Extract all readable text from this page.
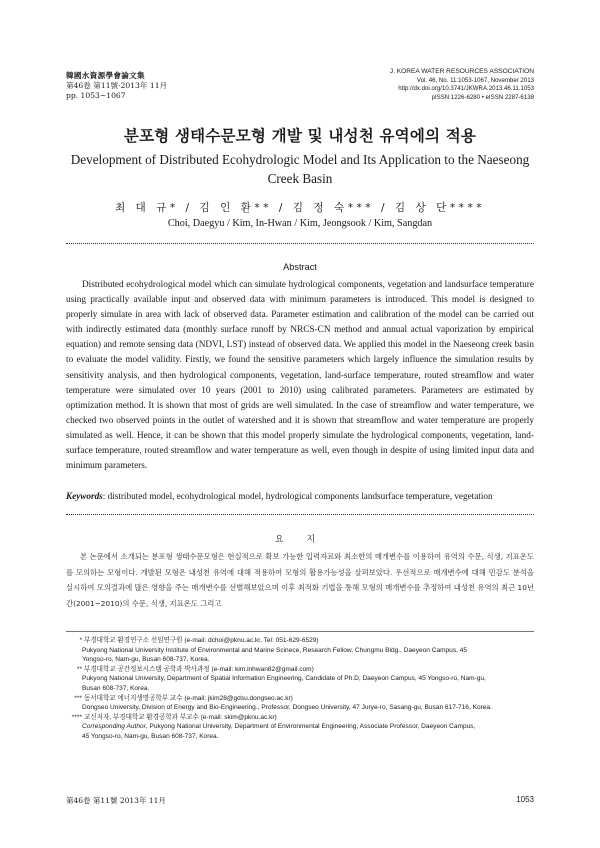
韓國水資源學會論文集
第46卷 第11號·2013年 11月
pp. 1053~1067
J. KOREA WATER RESOURCES ASSOCIATION
Vol. 46, No. 11:1053-1067, November 2013
http://dx.doi.org/10.3741/JKWRA.2013.46.11.1053
pISSN 1226-6280 • eISSN 2287-6138
분포형 생태수문모형 개발 및 내성천 유역에의 적용
Development of Distributed Ecohydrologic Model and Its Application to the Naeseong Creek Basin
최 대 규* / 김 인 환** / 김 정 숙*** / 김 상 단****
Choi, Daegyu / Kim, In-Hwan / Kim, Jeongsook / Kim, Sangdan
Abstract

Distributed ecohydrological model which can simulate hydrological components, vegetation and landsurface temperature using practically available input and observed data with minimum parameters is introduced. This model is designed to properly simulate in area with lack of observed data. Parameter estimation and calibration of the model can be carried out with indirectly estimated data (monthly surface runoff by NRCS-CN method and annual actual vaporization by empirical equation) and remote sensing data (NDVI, LST) instead of observed data. We applied this model in the Naeseong creek basin to evaluate the model validity. Firstly, we found the sensitive parameters which largely influence the simulation results by sensitivity analysis, and then hydrological components, vegetation, land-surface temperature, routed streamflow and water temperature were simulated over 10 years (2001 to 2010) using calibrated parameters. Parameters are estimated by optimization method. It is shown that most of grids are well simulated. In the case of streamflow and water temperature, we checked two observed points in the outlet of watershed and it is shown that streamflow and water temperature are properly simulated as well. Hence, it can be shown that this model properly simulate the hydrological components, vegetation, land-surface temperature, routed streamflow and water temperature as well, even though in despite of using limited input data and minimum parameters.

Keywords: distributed model, ecohydrological model, hydrological components landsurface temperature, vegetation
요 지

본 논문에서 소개되는 분포형 생태수문모형은 현실적으로 확보 가능한 입력자료와 최소한의 매개변수를 이용하여 유역의 수문, 식생, 지표온도를 모의하는 모형이다. 개발된 모형은 내성천 유역에 대해 적용하여 모형의 활용가능성을 살펴보았다. 우선적으로 매개변수에 대해 민감도 분석을 실시하여 모의결과에 많은 영향을 주는 매개변수를 선별해보았으며 이후 최적화 기법을 통해 모형의 매개변수를 추정하여 내성천 유역의 최근 10년간(2001~2010)의 수문, 식생, 지표온도 그리고

* 부경대학교 환경연구소 선임연구원 (e-mail: dchoi@pknu.ac.kr, Tel: 051-629-6529)
Pukyong National University Institute of Environmental and Marine Scinece, Research Fellow, Chungmu Bldg., Daeyeon Campus, 45
Yongso-ro, Nam-gu, Busan 608-737, Korea.
** 부경대학교 공간정보시스템 공학과 박사과정 (e-mail: kim.inhwan82@gmail.com)
Pukyong National University, Department of Spatial Information Engineering, Candidate of Ph.D, Daeyeon Campus, 45 Yongso-ro, Nam-gu,
Busan 608-737, Korea.
*** 동서대학교 에너지생명공학부 교수 (e-mail: jkim28@gdsu.dongseo.ac.kr)
Dongseo University, Division of Energy and Bio-Engineering., Professor, Dongseo University, 47 Jurye-ro, Sasang-gu, Busan 617-716, Korea.
**** 교신저자, 부경대학교 환경공학과 부교수 (e-mail: skim@pknu.ac.kr)
Corresponding Author, Pukyong National University, Department of Environmental Engineering, Associate Professor, Daeyeon Campus,
45 Yongso-ro, Nam-gu, Busan 608-737, Korea.
第46卷 第11號 2013年 11月	1053
